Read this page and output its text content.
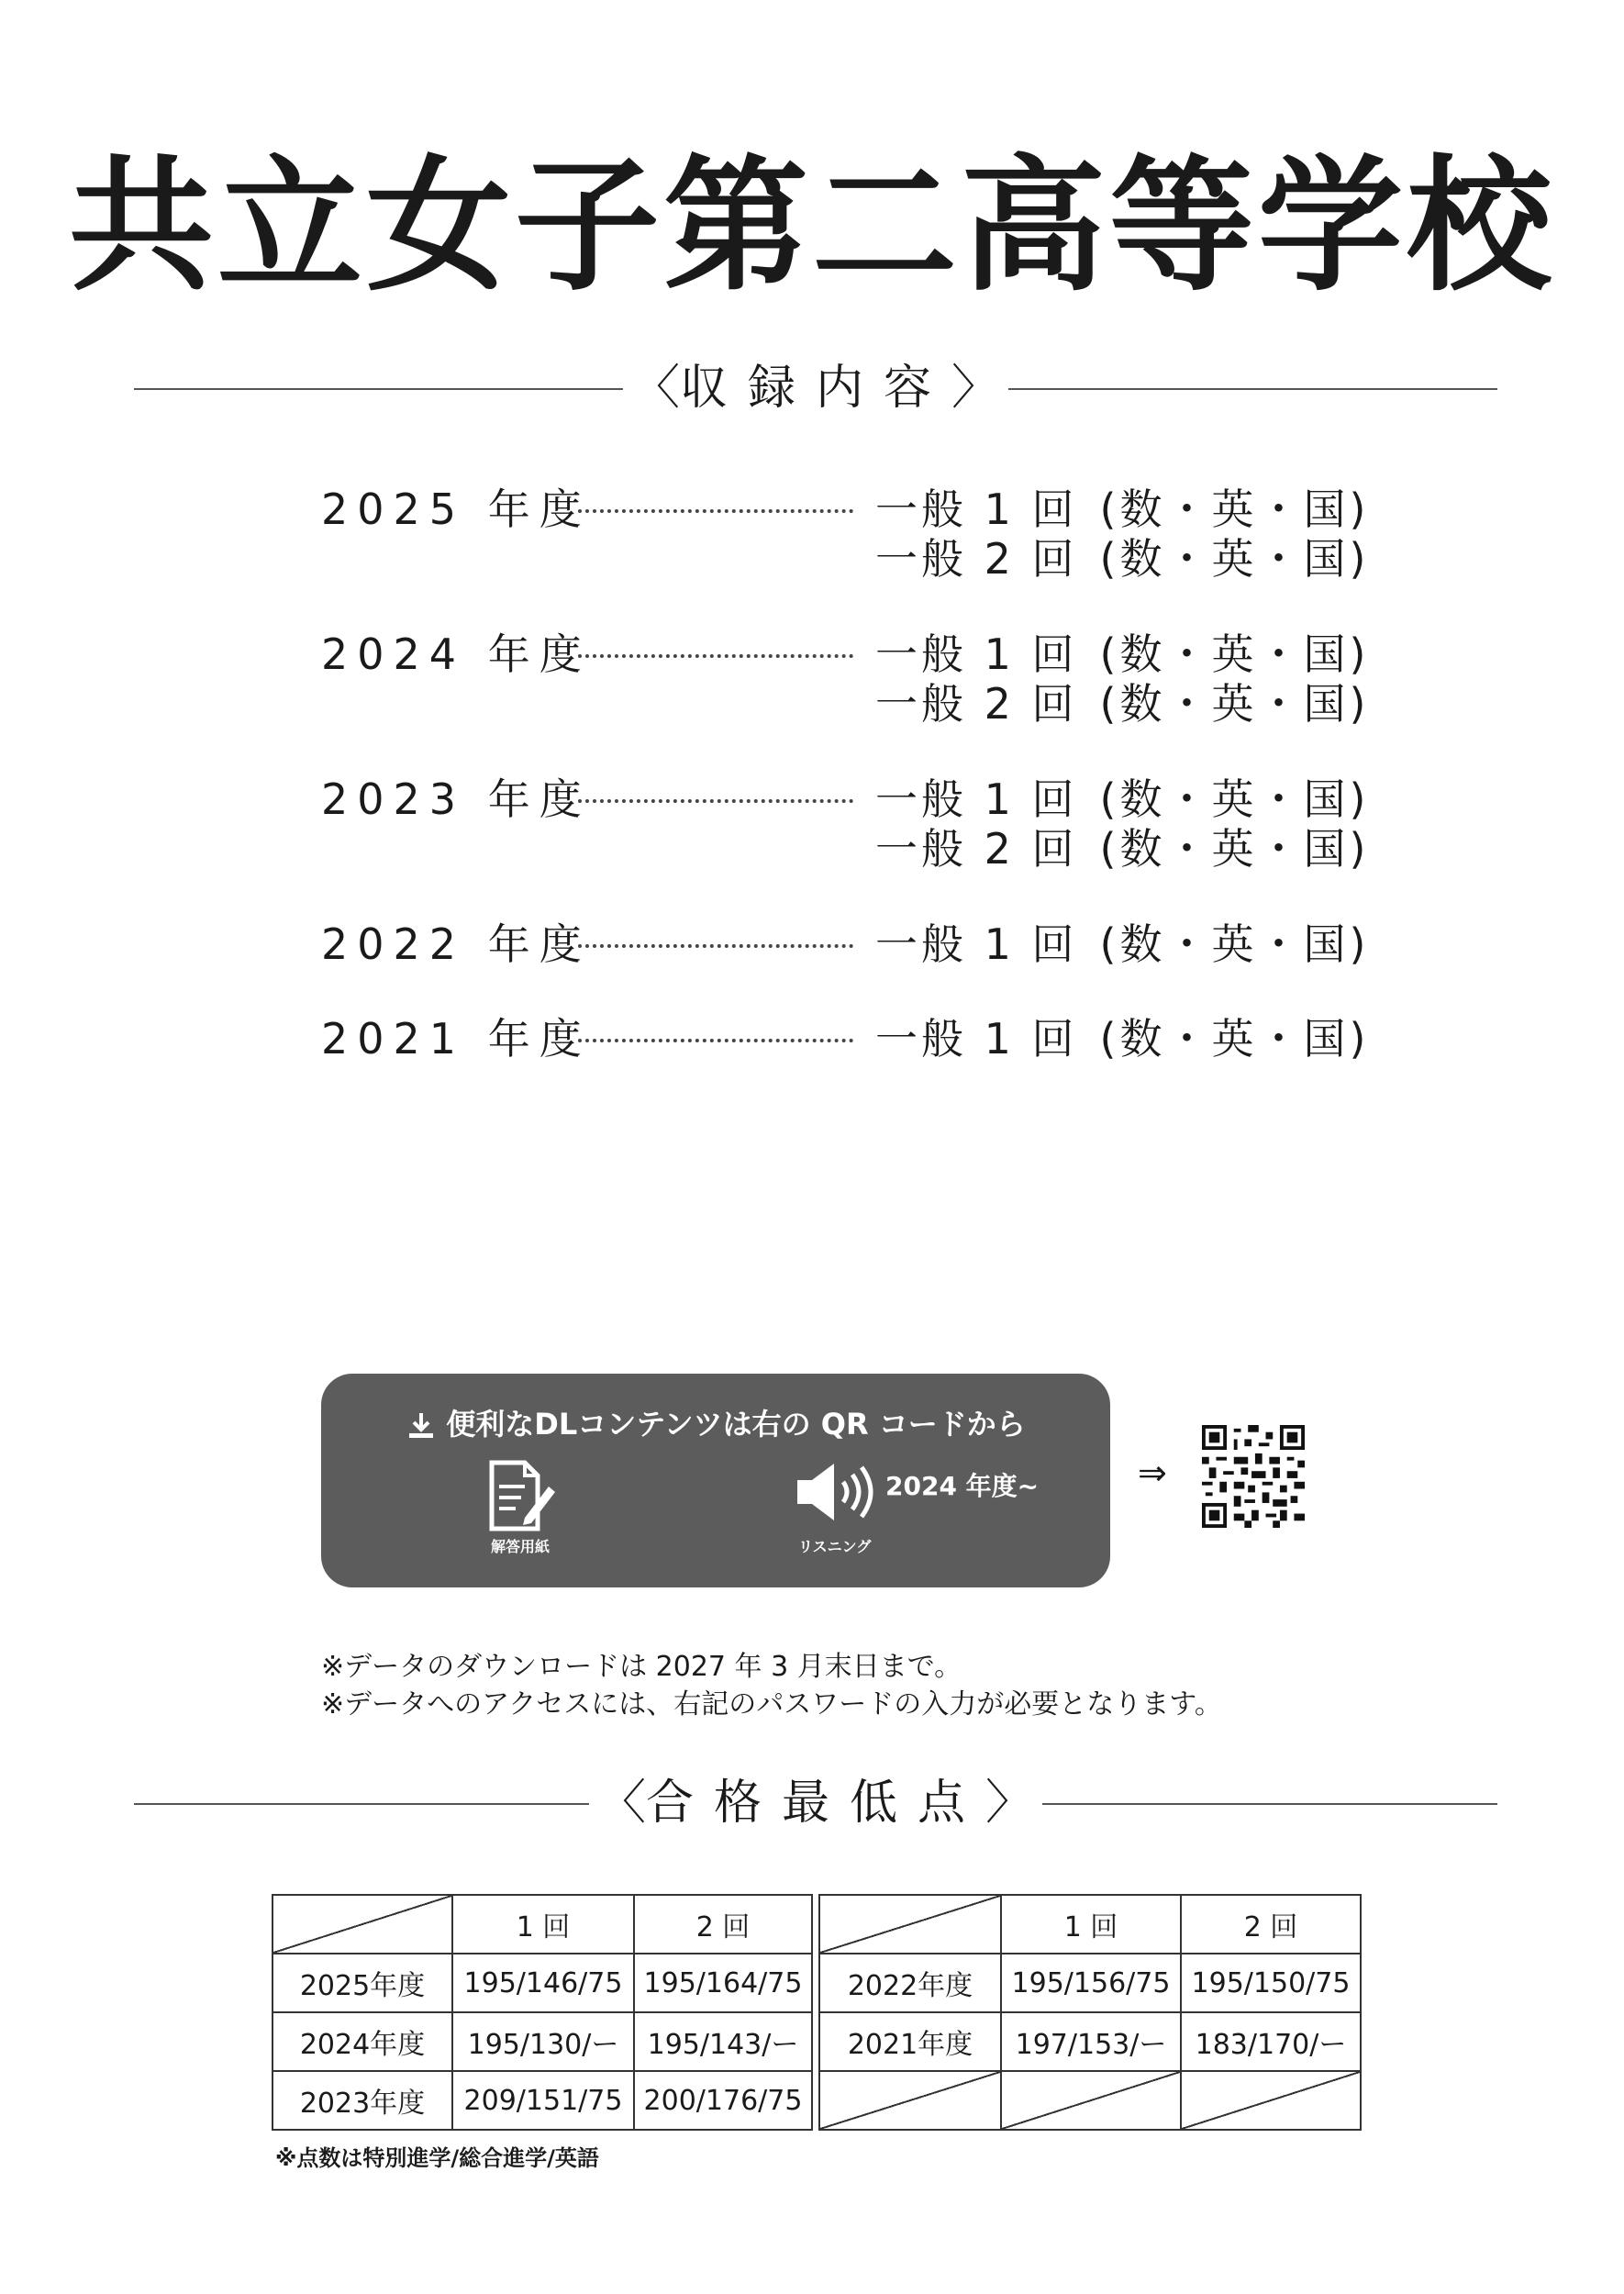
共立女子第二高等学校
〈収録内容〉
2025 年度	一般 1 回 (数・英・国)
一般 2 回 (数・英・国)
2024 年度	一般 1 回 (数・英・国)
一般 2 回 (数・英・国)
2023 年度	一般 1 回 (数・英・国)
一般 2 回 (数・英・国)
2022 年度	一般 1 回 (数・英・国)
2021 年度	一般 1 回 (数・英・国)
便利なDLコンテンツは右の QR コードから
解答用紙
2024 年度~
リスニング
⇒
※データのダウンロードは 2027 年 3 月末日まで。
※データへのアクセスには、右記のパスワードの入力が必要となります。
〈合格最低点〉
	1 回	2 回
2025年度	195/146/75	195/164/75
2024年度	195/130/ー	195/143/ー
2023年度	209/151/75	200/176/75
	1 回	2 回
2022年度	195/156/75	195/150/75
2021年度	197/153/ー	183/170/ー

※点数は特別進学/総合進学/英語
